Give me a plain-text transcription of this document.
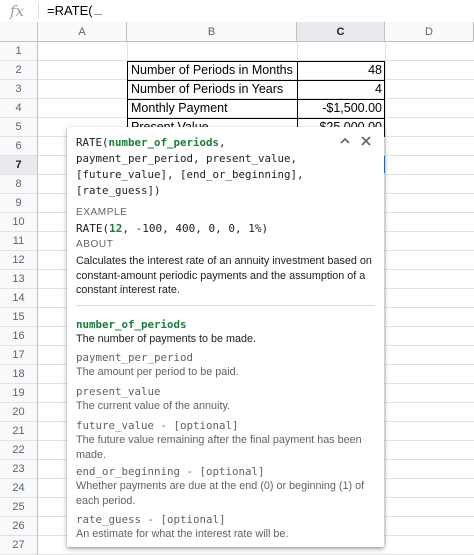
fx	=RATE(
A	B	C	D
1
2
3
4
5
6
7
8
9
10
11
12
13
14
15
16
17
18
19
20
21
22
23
24
25
26
27
Number of Periods in Months	48
Number of Periods in Years	4
Monthly Payment	-$1,500.00
RATE(number_of_periods,
payment_per_period, present_value,
[future_value], [end_or_beginning],
[rate_guess])
EXAMPLE
RATE(12, -100, 400, 0, 0, 1%)
ABOUT
Calculates the interest rate of an annuity investment based on constant-amount periodic payments and the assumption of a constant interest rate.
number_of_periods
The number of payments to be made.
payment_per_period
The amount per period to be paid.
present_value
The current value of the annuity.
future_value - [optional]
The future value remaining after the final payment has been made.
end_or_beginning - [optional]
Whether payments are due at the end (0) or beginning (1) of each period.
rate_guess - [optional]
An estimate for what the interest rate will be.
